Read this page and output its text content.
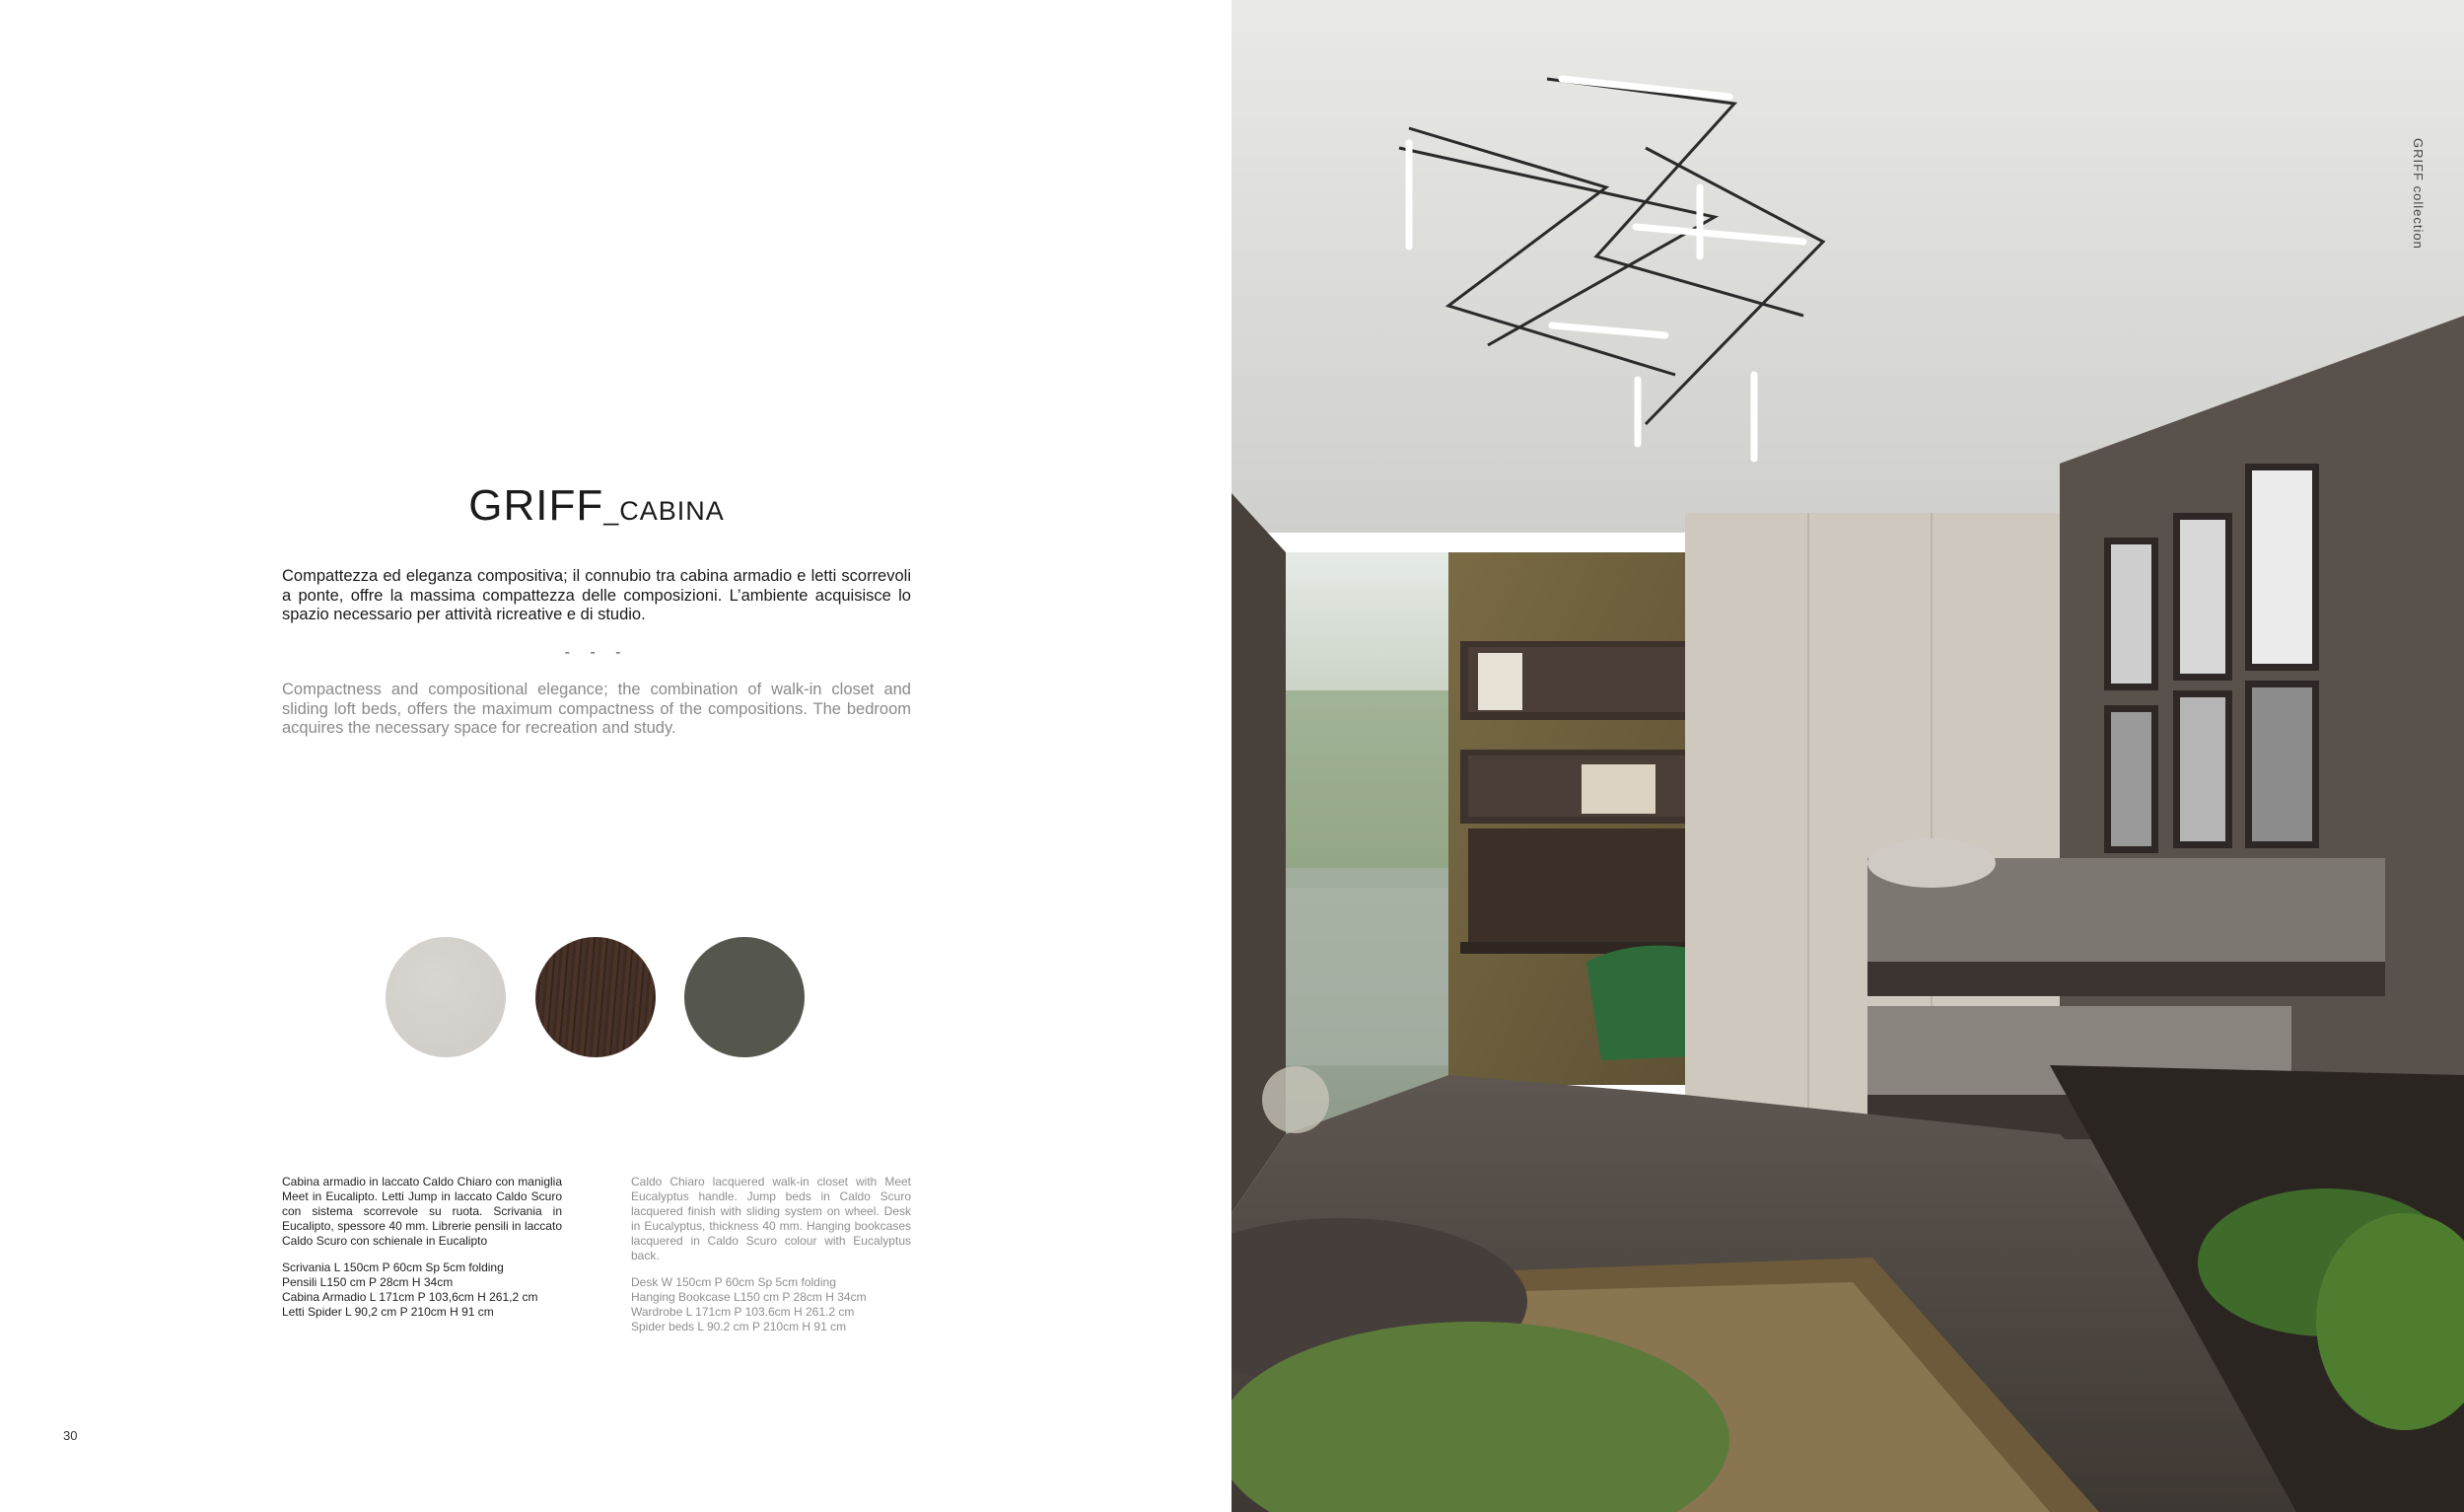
GRIFF_CABINA
Compattezza ed eleganza compositiva; il connubio tra cabina armadio e letti scorrevoli a ponte, offre la massima compattezza delle composizioni. L’ambiente acquisisce lo spazio necessario per attività ricreative e di studio.
- - -
Compactness and compositional elegance; the combination of walk-in closet and sliding loft beds, offers the maximum compactness of the compositions. The bedroom acquires the necessary space for recreation and study.

Cabina armadio in laccato Caldo Chiaro con maniglia Meet in Eucalipto. Letti Jump in laccato Caldo Scuro con sistema scorrevole su ruota. Scrivania in Eucalipto, spessore 40 mm. Librerie pensili in laccato Caldo Scuro con schienale in Eucalipto

Scrivania L 150cm P 60cm Sp 5cm folding
Pensili L150 cm P 28cm H 34cm
Cabina Armadio L 171cm P 103,6cm H 261,2 cm
Letti Spider L 90,2 cm P 210cm H 91 cm

Caldo Chiaro lacquered walk-in closet with Meet Eucalyptus handle. Jump beds in Caldo Scuro lacquered finish with sliding system on wheel. Desk in Eucalyptus, thickness 40 mm. Hanging bookcases lacquered in Caldo Scuro colour with Eucalyptus back.

Desk W 150cm P 60cm Sp 5cm folding
Hanging Bookcase L150 cm P 28cm H 34cm
Wardrobe L 171cm P 103.6cm H 261.2 cm
Spider beds L 90.2 cm P 210cm H 91 cm
30
GRIFF collection
